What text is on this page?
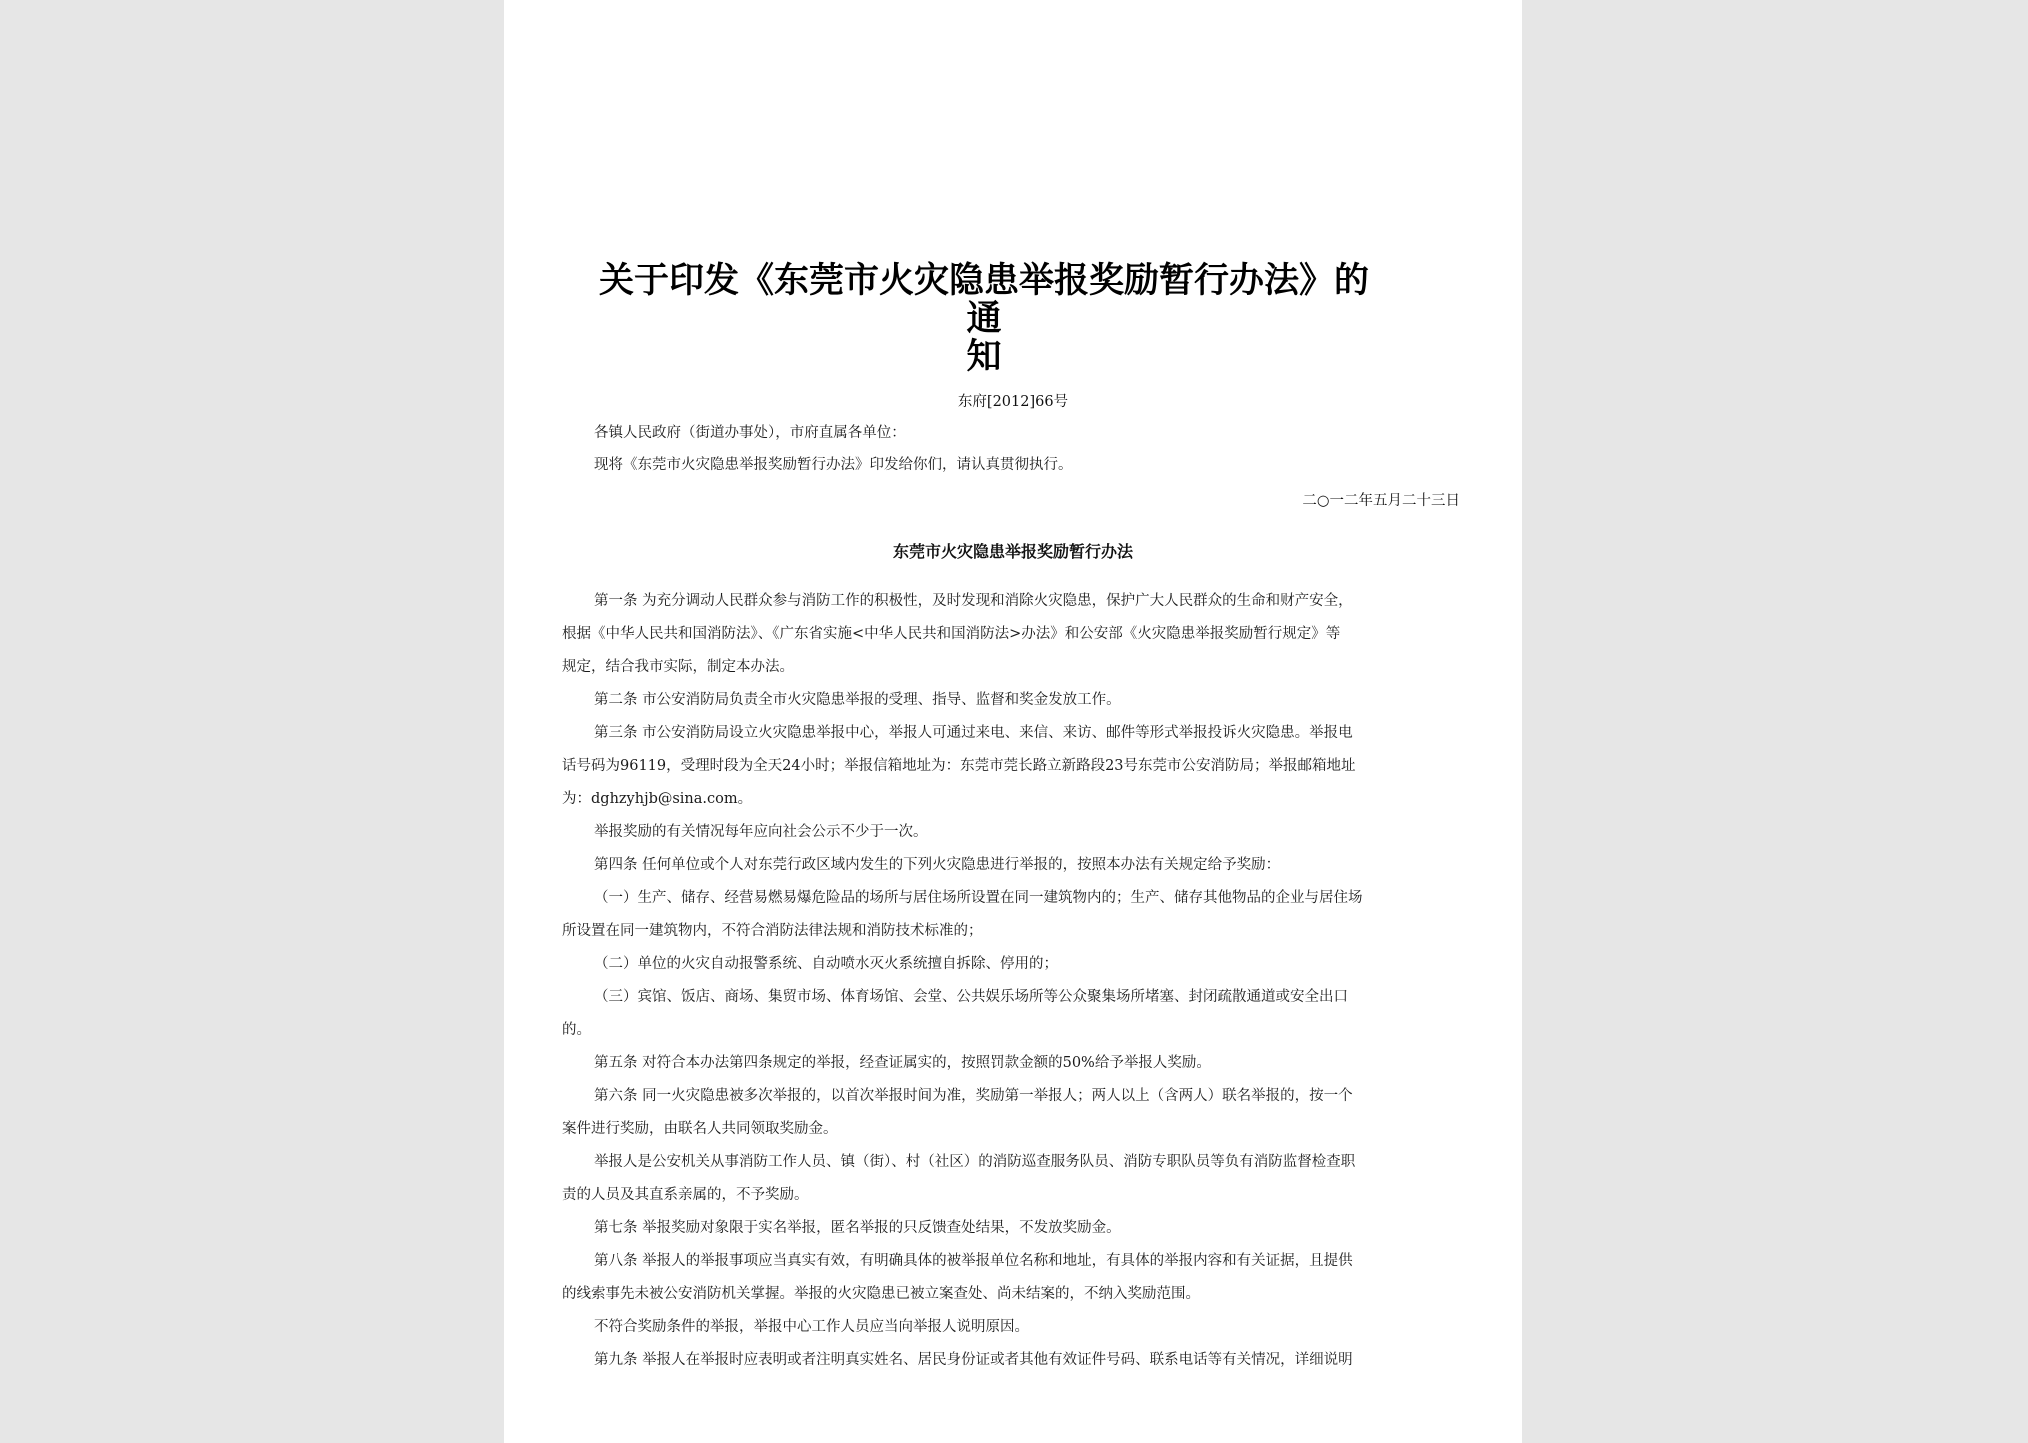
关于印发《东莞市火灾隐患举报奖励暂行办法》的通
知
东府[2012]66号
各镇人民政府（街道办事处），市府直属各单位：
现将《东莞市火灾隐患举报奖励暂行办法》印发给你们，请认真贯彻执行。
二○一二年五月二十三日
东莞市火灾隐患举报奖励暂行办法
第一条 为充分调动人民群众参与消防工作的积极性，及时发现和消除火灾隐患，保护广大人民群众的生命和财产安全，
根据《中华人民共和国消防法》、《广东省实施<中华人民共和国消防法>办法》和公安部《火灾隐患举报奖励暂行规定》等
规定，结合我市实际，制定本办法。
第二条 市公安消防局负责全市火灾隐患举报的受理、指导、监督和奖金发放工作。
第三条 市公安消防局设立火灾隐患举报中心，举报人可通过来电、来信、来访、邮件等形式举报投诉火灾隐患。举报电
话号码为96119，受理时段为全天24小时；举报信箱地址为：东莞市莞长路立新路段23号东莞市公安消防局；举报邮箱地址
为：dghzyhjb@sina.com。
举报奖励的有关情况每年应向社会公示不少于一次。
第四条 任何单位或个人对东莞行政区域内发生的下列火灾隐患进行举报的，按照本办法有关规定给予奖励：
（一）生产、储存、经营易燃易爆危险品的场所与居住场所设置在同一建筑物内的；生产、储存其他物品的企业与居住场
所设置在同一建筑物内，不符合消防法律法规和消防技术标准的；
（二）单位的火灾自动报警系统、自动喷水灭火系统擅自拆除、停用的；
（三）宾馆、饭店、商场、集贸市场、体育场馆、会堂、公共娱乐场所等公众聚集场所堵塞、封闭疏散通道或安全出口
的。
第五条 对符合本办法第四条规定的举报，经查证属实的，按照罚款金额的50%给予举报人奖励。
第六条 同一火灾隐患被多次举报的，以首次举报时间为准，奖励第一举报人；两人以上（含两人）联名举报的，按一个
案件进行奖励，由联名人共同领取奖励金。
举报人是公安机关从事消防工作人员、镇（街）、村（社区）的消防巡查服务队员、消防专职队员等负有消防监督检查职
责的人员及其直系亲属的，不予奖励。
第七条 举报奖励对象限于实名举报，匿名举报的只反馈查处结果，不发放奖励金。
第八条 举报人的举报事项应当真实有效，有明确具体的被举报单位名称和地址，有具体的举报内容和有关证据，且提供
的线索事先未被公安消防机关掌握。举报的火灾隐患已被立案查处、尚未结案的，不纳入奖励范围。
不符合奖励条件的举报，举报中心工作人员应当向举报人说明原因。
第九条 举报人在举报时应表明或者注明真实姓名、居民身份证或者其他有效证件号码、联系电话等有关情况，详细说明
